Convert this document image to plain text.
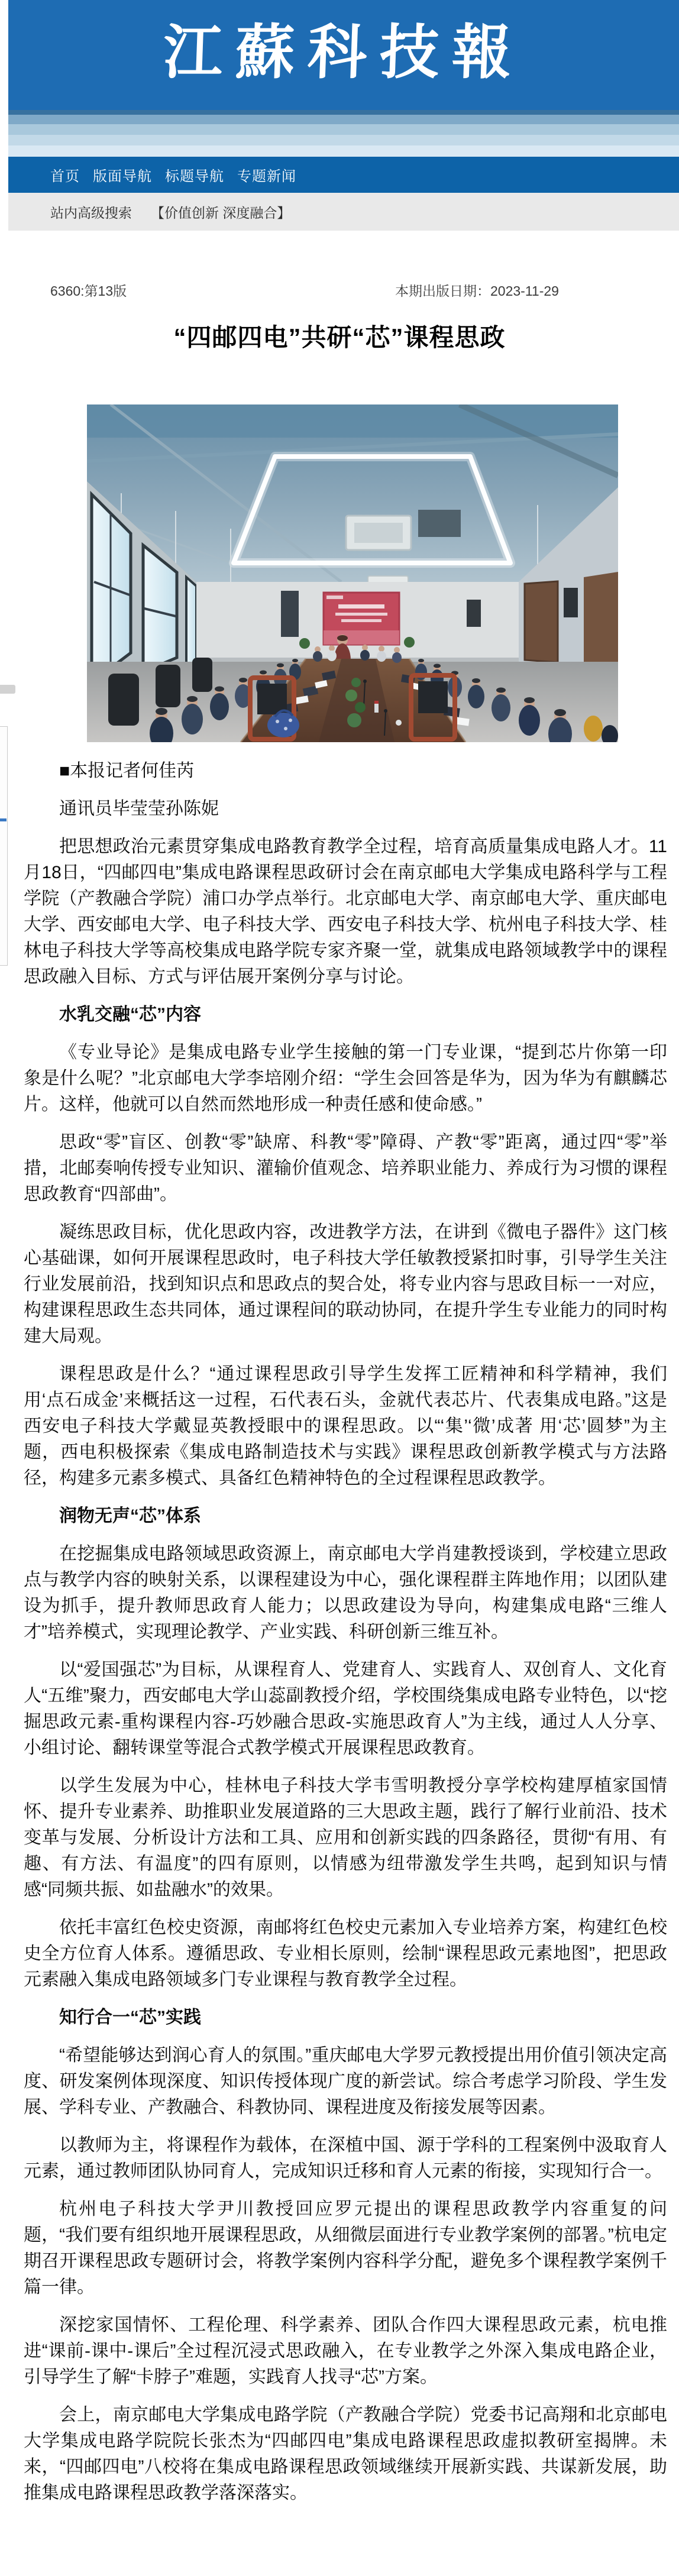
江蘇科技報
首页 版面导航 标题导航 专题新闻
站内高级搜索 【价值创新 深度融合】
6360:第13版	本期出版日期：2023-11-29
“四邮四电”共研“芯”课程思政

■本报记者何佳芮

通讯员毕莹莹孙陈妮

把思想政治元素贯穿集成电路教育教学全过程，培育高质量集成电路人才。11月18日，“四邮四电”集成电路课程思政研讨会在南京邮电大学集成电路科学与工程学院（产教融合学院）浦口办学点举行。北京邮电大学、南京邮电大学、重庆邮电大学、西安邮电大学、电子科技大学、西安电子科技大学、杭州电子科技大学、桂林电子科技大学等高校集成电路学院专家齐聚一堂，就集成电路领域教学中的课程思政融入目标、方式与评估展开案例分享与讨论。

水乳交融“芯”内容

《专业导论》是集成电路专业学生接触的第一门专业课，“提到芯片你第一印象是什么呢？”北京邮电大学李培刚介绍：“学生会回答是华为，因为华为有麒麟芯片。这样，他就可以自然而然地形成一种责任感和使命感。”

思政“零”盲区、创教“零”缺席、科教“零”障碍、产教“零”距离，通过四“零”举措，北邮奏响传授专业知识、灌输价值观念、培养职业能力、养成行为习惯的课程思政教育“四部曲”。

凝练思政目标，优化思政内容，改进教学方法，在讲到《微电子器件》这门核心基础课，如何开展课程思政时，电子科技大学任敏教授紧扣时事，引导学生关注行业发展前沿，找到知识点和思政点的契合处，将专业内容与思政目标一一对应，构建课程思政生态共同体，通过课程间的联动协同，在提升学生专业能力的同时构建大局观。

课程思政是什么？“通过课程思政引导学生发挥工匠精神和科学精神，我们用‘点石成金’来概括这一过程，石代表石头，金就代表芯片、代表集成电路。”这是西安电子科技大学戴显英教授眼中的课程思政。以“‘集’‘微’成著 用‘芯’圆梦”为主题，西电积极探索《集成电路制造技术与实践》课程思政创新教学模式与方法路径，构建多元素多模式、具备红色精神特色的全过程课程思政教学。

润物无声“芯”体系

在挖掘集成电路领域思政资源上，南京邮电大学肖建教授谈到，学校建立思政点与教学内容的映射关系，以课程建设为中心，强化课程群主阵地作用；以团队建设为抓手，提升教师思政育人能力；以思政建设为导向，构建集成电路“三维人才”培养模式，实现理论教学、产业实践、科研创新三维互补。

以“爱国强芯”为目标，从课程育人、党建育人、实践育人、双创育人、文化育人“五维”聚力，西安邮电大学山蕊副教授介绍，学校围绕集成电路专业特色，以“挖掘思政元素-重构课程内容-巧妙融合思政-实施思政育人”为主线，通过人人分享、小组讨论、翻转课堂等混合式教学模式开展课程思政教育。

以学生发展为中心，桂林电子科技大学韦雪明教授分享学校构建厚植家国情怀、提升专业素养、助推职业发展道路的三大思政主题，践行了解行业前沿、技术变革与发展、分析设计方法和工具、应用和创新实践的四条路径，贯彻“有用、有趣、有方法、有温度”的四有原则，以情感为纽带激发学生共鸣，起到知识与情感“同频共振、如盐融水”的效果。

依托丰富红色校史资源，南邮将红色校史元素加入专业培养方案，构建红色校史全方位育人体系。遵循思政、专业相长原则，绘制“课程思政元素地图”，把思政元素融入集成电路领域多门专业课程与教育教学全过程。

知行合一“芯”实践

“希望能够达到润心育人的氛围。”重庆邮电大学罗元教授提出用价值引领决定高度、研发案例体现深度、知识传授体现广度的新尝试。综合考虑学习阶段、学生发展、学科专业、产教融合、科教协同、课程进度及衔接发展等因素。

以教师为主，将课程作为载体，在深植中国、源于学科的工程案例中汲取育人元素，通过教师团队协同育人，完成知识迁移和育人元素的衔接，实现知行合一。

杭州电子科技大学尹川教授回应罗元提出的课程思政教学内容重复的问题，“我们要有组织地开展课程思政，从细微层面进行专业教学案例的部署。”杭电定期召开课程思政专题研讨会，将教学案例内容科学分配，避免多个课程教学案例千篇一律。

深挖家国情怀、工程伦理、科学素养、团队合作四大课程思政元素，杭电推进“课前-课中-课后”全过程沉浸式思政融入，在专业教学之外深入集成电路企业，引导学生了解“卡脖子”难题，实践育人找寻“芯”方案。

会上，南京邮电大学集成电路学院（产教融合学院）党委书记高翔和北京邮电大学集成电路学院院长张杰为“四邮四电”集成电路课程思政虚拟教研室揭牌。未来，“四邮四电”八校将在集成电路课程思政领域继续开展新实践、共谋新发展，助推集成电路课程思政教学落深落实。
